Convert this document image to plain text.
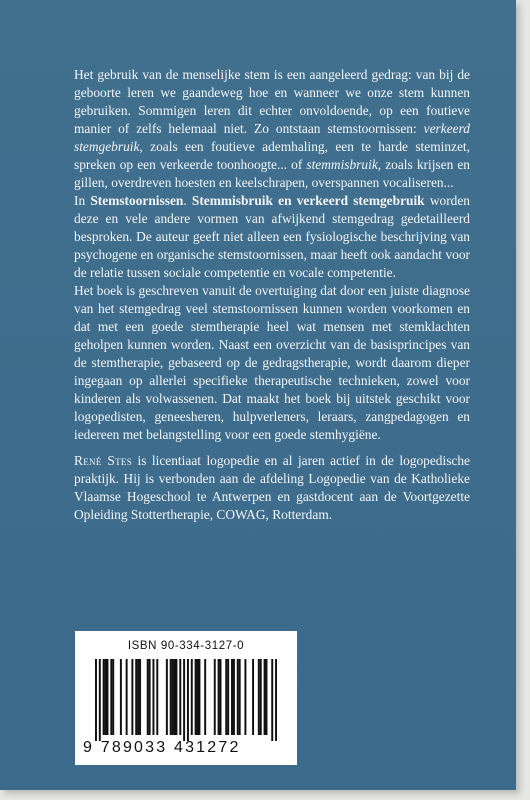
Het gebruik van de menselijke stem is een aangeleerd gedrag: van bij de geboorte leren we gaandeweg hoe en wanneer we onze stem kunnen gebruiken. Sommigen leren dit echter onvoldoende, op een foutieve manier of zelfs helemaal niet. Zo ontstaan stemstoornissen: verkeerd stemgebruik, zoals een foutieve ademhaling, een te harde steminzet, spreken op een verkeerde toonhoogte... of stemmisbruik, zoals krijsen en gillen, overdreven hoesten en keelschrapen, overspannen vocaliseren...

In Stemstoornissen. Stemmisbruik en verkeerd stemgebruik worden deze en vele andere vormen van afwijkend stemgedrag gedetailleerd besproken. De auteur geeft niet alleen een fysiologische beschrijving van psychogene en organische stemstoornissen, maar heeft ook aandacht voor de relatie tussen sociale competentie en vocale competentie.

Het boek is geschreven vanuit de overtuiging dat door een juiste diagnose van het stemgedrag veel stemstoornissen kunnen worden voorkomen en dat met een goede stemtherapie heel wat mensen met stemklachten geholpen kunnen worden. Naast een overzicht van de basisprincipes van de stemtherapie, gebaseerd op de gedragstherapie, wordt daarom dieper ingegaan op allerlei specifieke therapeutische technieken, zowel voor kinderen als volwassenen. Dat maakt het boek bij uitstek geschikt voor logopedisten, geneesheren, hulpverleners, leraars, zangpedagogen en iedereen met belangstelling voor een goede stemhygiëne.

René Stes is licentiaat logopedie en al jaren actief in de logopedische praktijk. Hij is verbonden aan de afdeling Logopedie van de Katholieke Vlaamse Hogeschool te Antwerpen en gastdocent aan de Voortgezette Opleiding Stottertherapie, COWAG, Rotterdam.

ISBN 90-334-3127-0
9 789033 431272
